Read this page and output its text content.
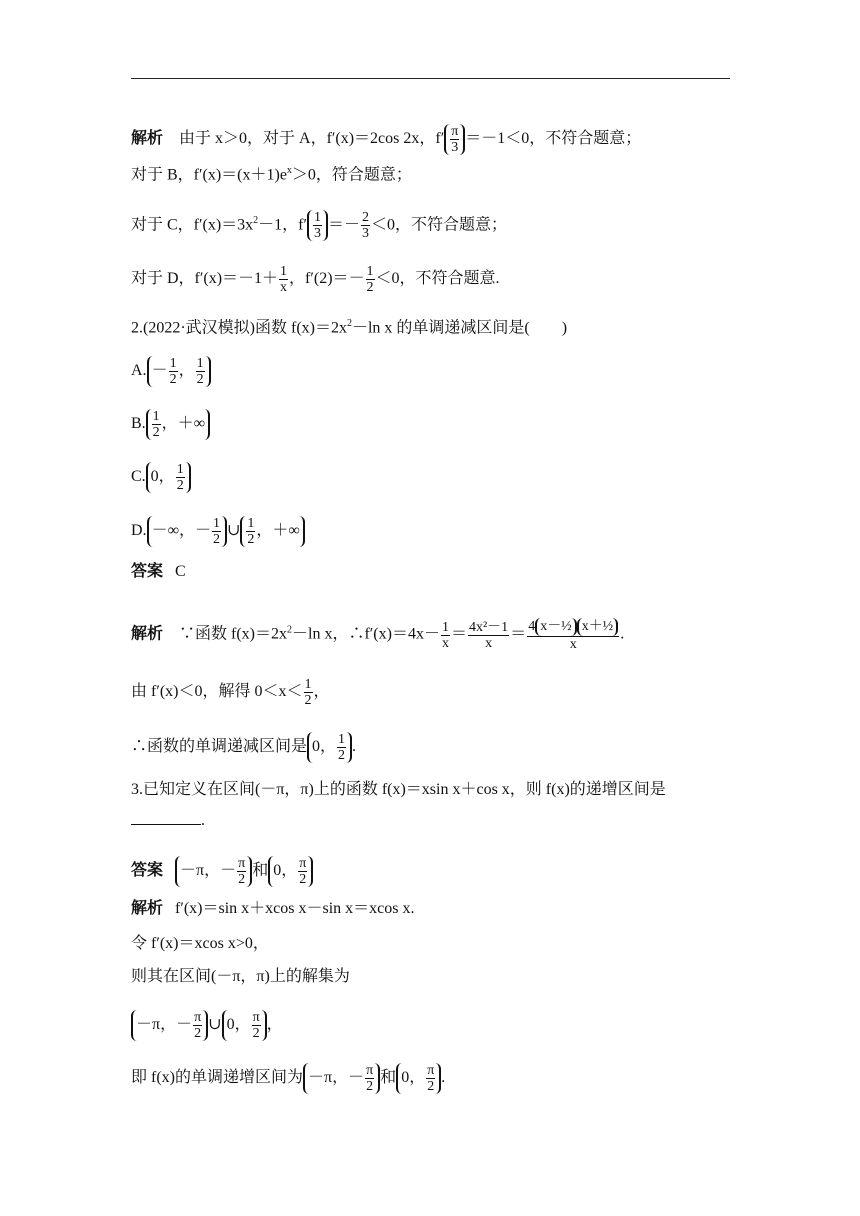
解析 由于 x＞0，对于 A，f′(x)＝2cos 2x，$f' \frac{\pi}{3} =-1<0$，不符合题意；
对于 B，$f'(x)=(x+1)e^x>0$，符合题意；
对于 C，$f'(x)=3x^2-1$，$f' \frac{1}{3} =- \frac{2}{3} <0$，不符合题意；
对于 D，$f'(x)=-1+ \frac{1}{x}$ ，$f'(2)=- \frac{1}{2} <0$，不符合题意.
2.(2022·武汉模拟)函数 $f(x)=2x^2-\ln$ x 的单调递减区间是(　　)
A. － $\frac{1}{2}$ ， $\frac{1}{2}$
B. $\frac{1}{2}$ ，＋∞
C. 0， $\frac{1}{2}$
D. －∞，－ $\frac{1}{2}$ ∪ $\frac{1}{2}$ ，＋∞
答案 C
解析 ∵函数 $f(x)=2x^2-\ln$ x，∴f′(x)＝4x－ $\frac{1}{x} = \frac{\text{4x²－1}}{x} = \frac{\text{4 x－½ x＋½}}{x}$ .
由 f′(x)＜0，解得 $0<x< \frac{1}{2}$ ，
∴函数的单调递减区间是 0， $\frac{1}{2}$ .
3.已知定义在区间(－π，π)上的函数 f(x)＝xsin x＋cos x，则 f(x)的递增区间是
.
答案 －π，－ $\frac{\pi}{2}$ 和 0， $\frac{\pi}{2}$
解析 f′(x)＝sin x＋xcos x－sin x＝xcos x.
令 f′(x)＝xcos x>0，
则其在区间(－π，π)上的解集为
－π，－ $\frac{\pi}{2}$ ∪ 0， $\frac{\pi}{2}$ ，
即 f(x)的单调递增区间为 －π，－ $\frac{\pi}{2}$ 和 0， $\frac{\pi}{2}$ .
